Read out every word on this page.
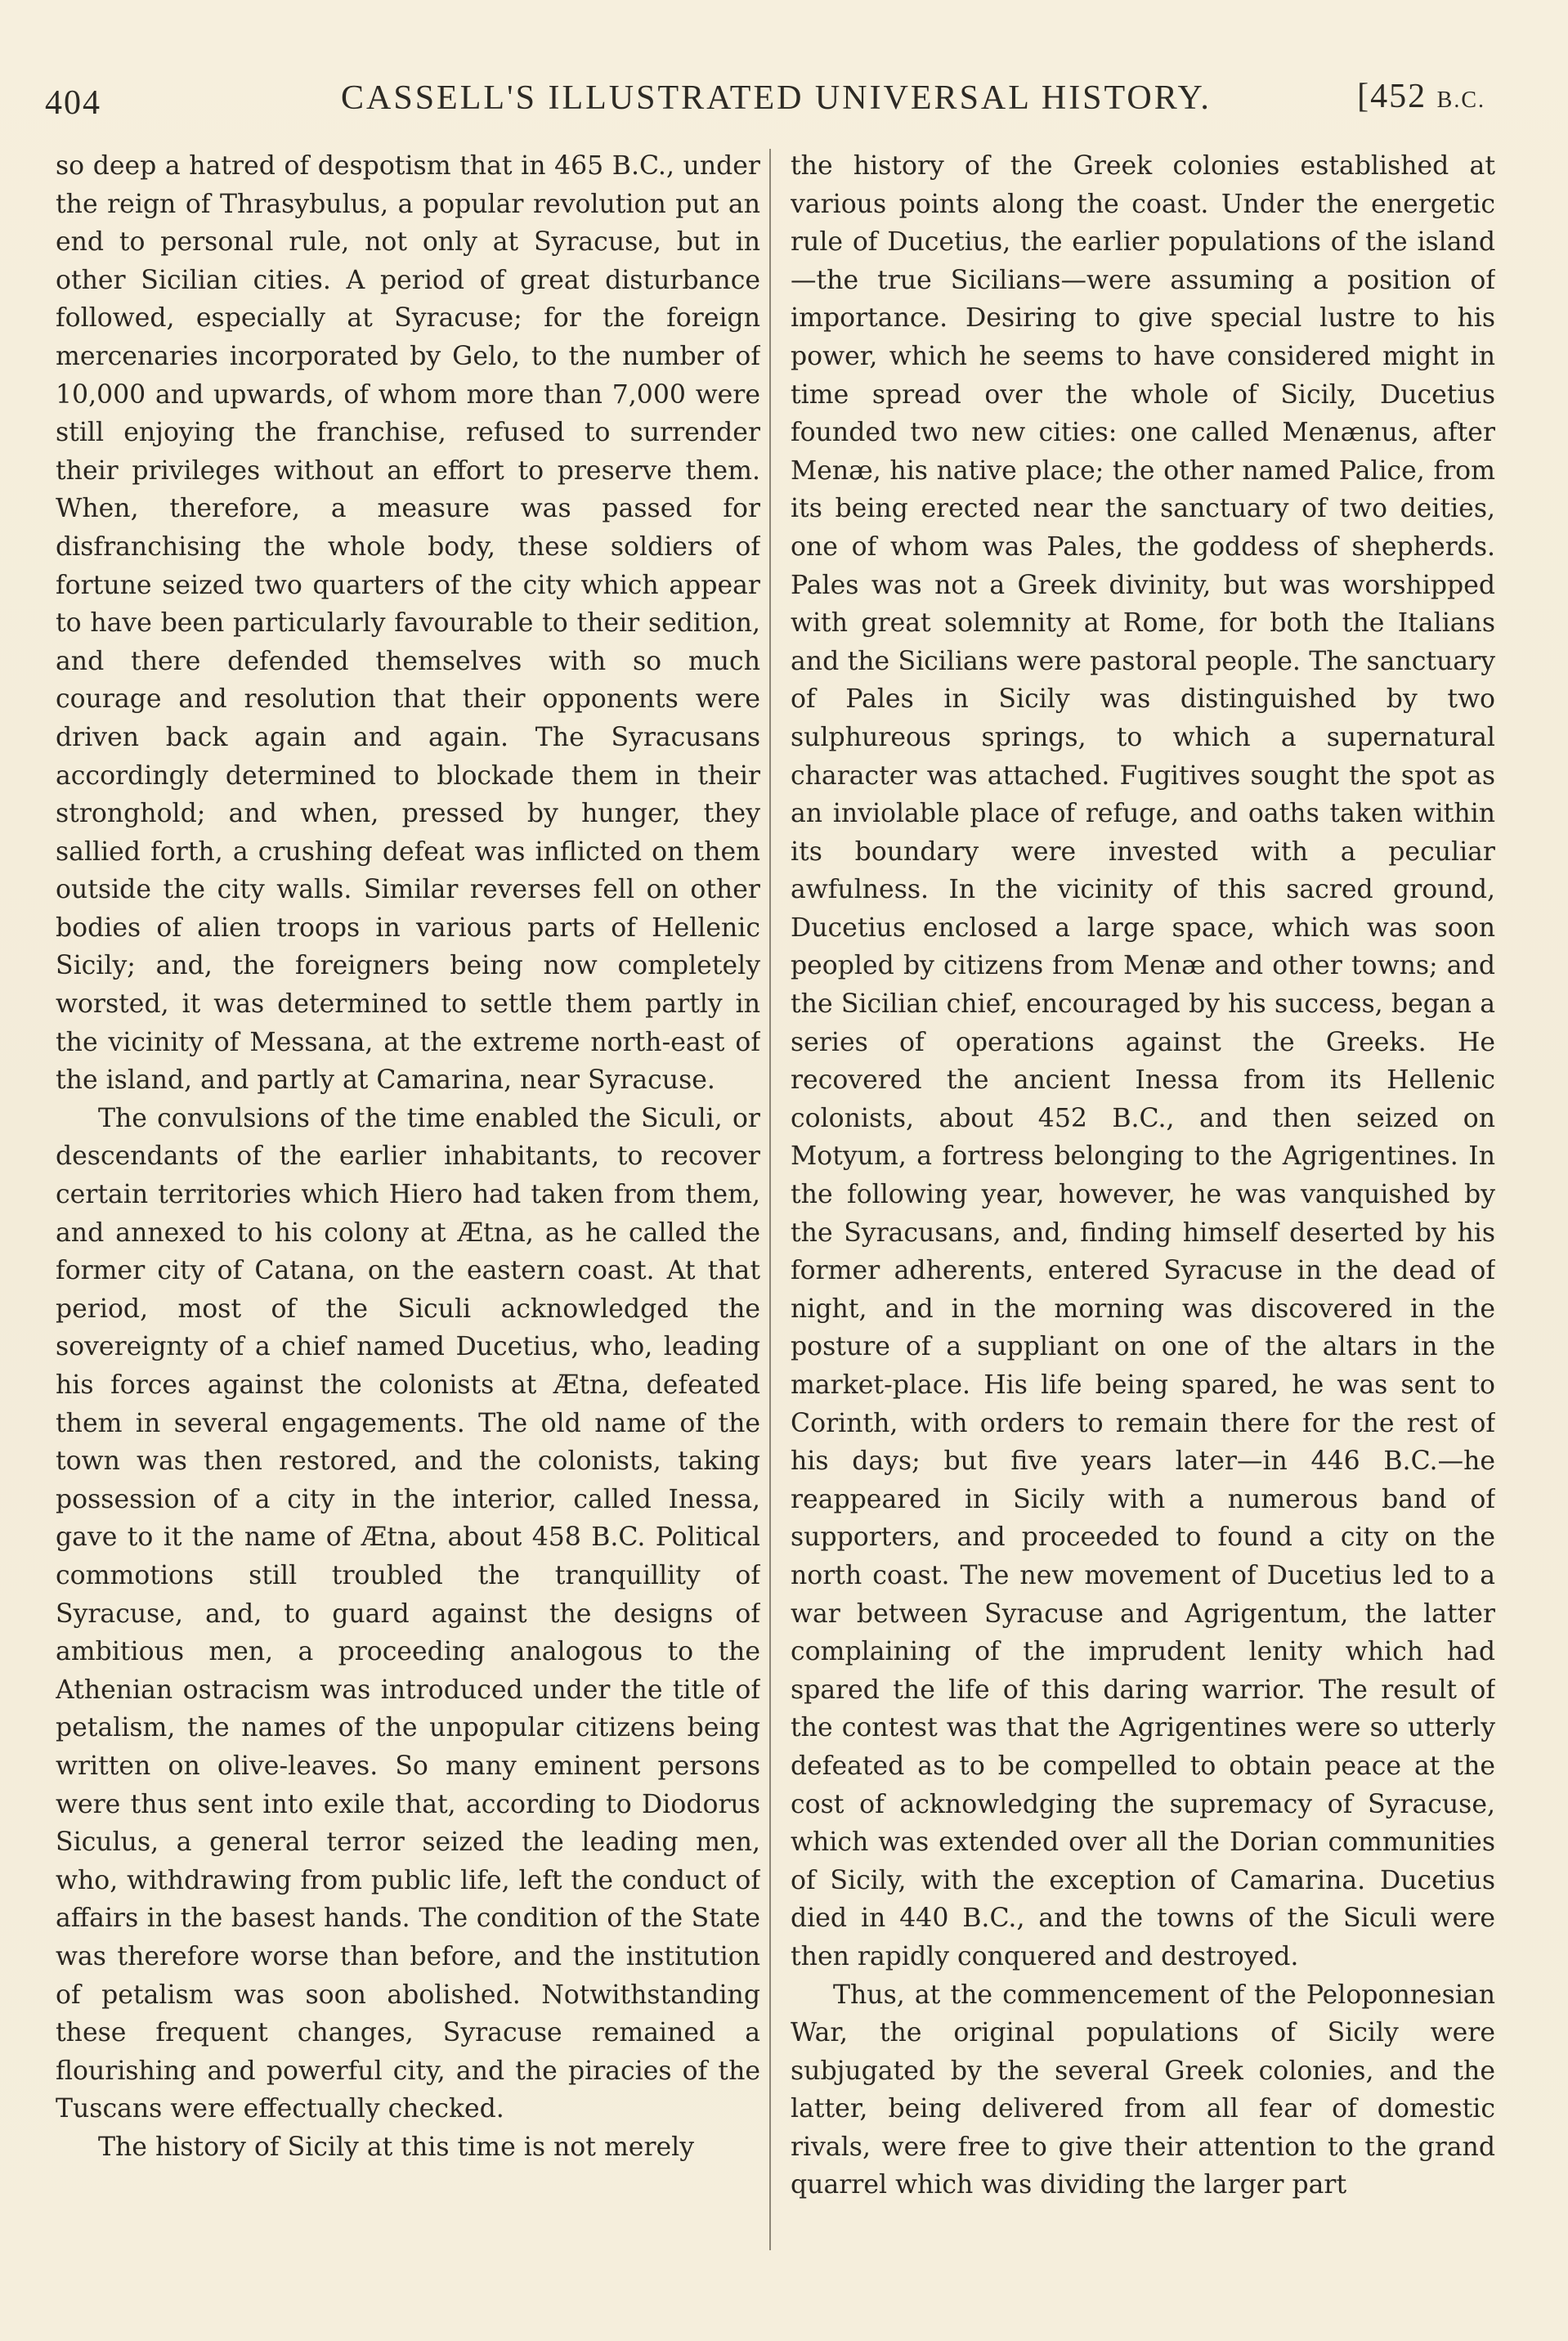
404	CASSELL'S ILLUSTRATED UNIVERSAL HISTORY.	[452 B.C.

so deep a hatred of despotism that in 465 B.C., under the reign of Thrasybulus, a popular revolution put an end to personal rule, not only at Syracuse, but in other Sicilian cities. A period of great disturbance followed, especially at Syracuse; for the foreign mercenaries incorporated by Gelo, to the number of 10,000 and upwards, of whom more than 7,000 were still enjoying the franchise, refused to surrender their privileges without an effort to preserve them. When, therefore, a measure was passed for disfranchising the whole body, these soldiers of fortune seized two quarters of the city which appear to have been particularly favourable to their sedition, and there defended themselves with so much courage and resolution that their opponents were driven back again and again. The Syracusans accordingly determined to blockade them in their stronghold; and when, pressed by hunger, they sallied forth, a crushing defeat was inflicted on them outside the city walls. Similar reverses fell on other bodies of alien troops in various parts of Hellenic Sicily; and, the foreigners being now completely worsted, it was determined to settle them partly in the vicinity of Messana, at the extreme north-east of the island, and partly at Camarina, near Syracuse.

The convulsions of the time enabled the Siculi, or descendants of the earlier inhabitants, to recover certain territories which Hiero had taken from them, and annexed to his colony at Ætna, as he called the former city of Catana, on the eastern coast. At that period, most of the Siculi acknowledged the sovereignty of a chief named Ducetius, who, leading his forces against the colonists at Ætna, defeated them in several engagements. The old name of the town was then restored, and the colonists, taking possession of a city in the interior, called Inessa, gave to it the name of Ætna, about 458 B.C. Political commotions still troubled the tranquillity of Syracuse, and, to guard against the designs of ambitious men, a proceeding analogous to the Athenian ostracism was introduced under the title of petalism, the names of the unpopular citizens being written on olive-leaves. So many eminent persons were thus sent into exile that, according to Diodorus Siculus, a general terror seized the leading men, who, withdrawing from public life, left the conduct of affairs in the basest hands. The condition of the State was therefore worse than before, and the institution of petalism was soon abolished. Notwithstanding these frequent changes, Syracuse remained a flourishing and powerful city, and the piracies of the Tuscans were effectually checked.

The history of Sicily at this time is not merely

the history of the Greek colonies established at various points along the coast. Under the energetic rule of Ducetius, the earlier populations of the island—the true Sicilians—were assuming a position of importance. Desiring to give special lustre to his power, which he seems to have considered might in time spread over the whole of Sicily, Ducetius founded two new cities: one called Menænus, after Menæ, his native place; the other named Palice, from its being erected near the sanctuary of two deities, one of whom was Pales, the goddess of shepherds. Pales was not a Greek divinity, but was worshipped with great solemnity at Rome, for both the Italians and the Sicilians were pastoral people. The sanctuary of Pales in Sicily was distinguished by two sulphureous springs, to which a supernatural character was attached. Fugitives sought the spot as an inviolable place of refuge, and oaths taken within its boundary were invested with a peculiar awfulness. In the vicinity of this sacred ground, Ducetius enclosed a large space, which was soon peopled by citizens from Menæ and other towns; and the Sicilian chief, encouraged by his success, began a series of operations against the Greeks. He recovered the ancient Inessa from its Hellenic colonists, about 452 B.C., and then seized on Motyum, a fortress belonging to the Agrigentines. In the following year, however, he was vanquished by the Syracusans, and, finding himself deserted by his former adherents, entered Syracuse in the dead of night, and in the morning was discovered in the posture of a suppliant on one of the altars in the market-place. His life being spared, he was sent to Corinth, with orders to remain there for the rest of his days; but five years later—in 446 B.C.—he reappeared in Sicily with a numerous band of supporters, and proceeded to found a city on the north coast. The new movement of Ducetius led to a war between Syracuse and Agrigentum, the latter complaining of the imprudent lenity which had spared the life of this daring warrior. The result of the contest was that the Agrigentines were so utterly defeated as to be compelled to obtain peace at the cost of acknowledging the supremacy of Syracuse, which was extended over all the Dorian communities of Sicily, with the exception of Camarina. Ducetius died in 440 B.C., and the towns of the Siculi were then rapidly conquered and destroyed.

Thus, at the commencement of the Peloponnesian War, the original populations of Sicily were subjugated by the several Greek colonies, and the latter, being delivered from all fear of domestic rivals, were free to give their attention to the grand quarrel which was dividing the larger part
